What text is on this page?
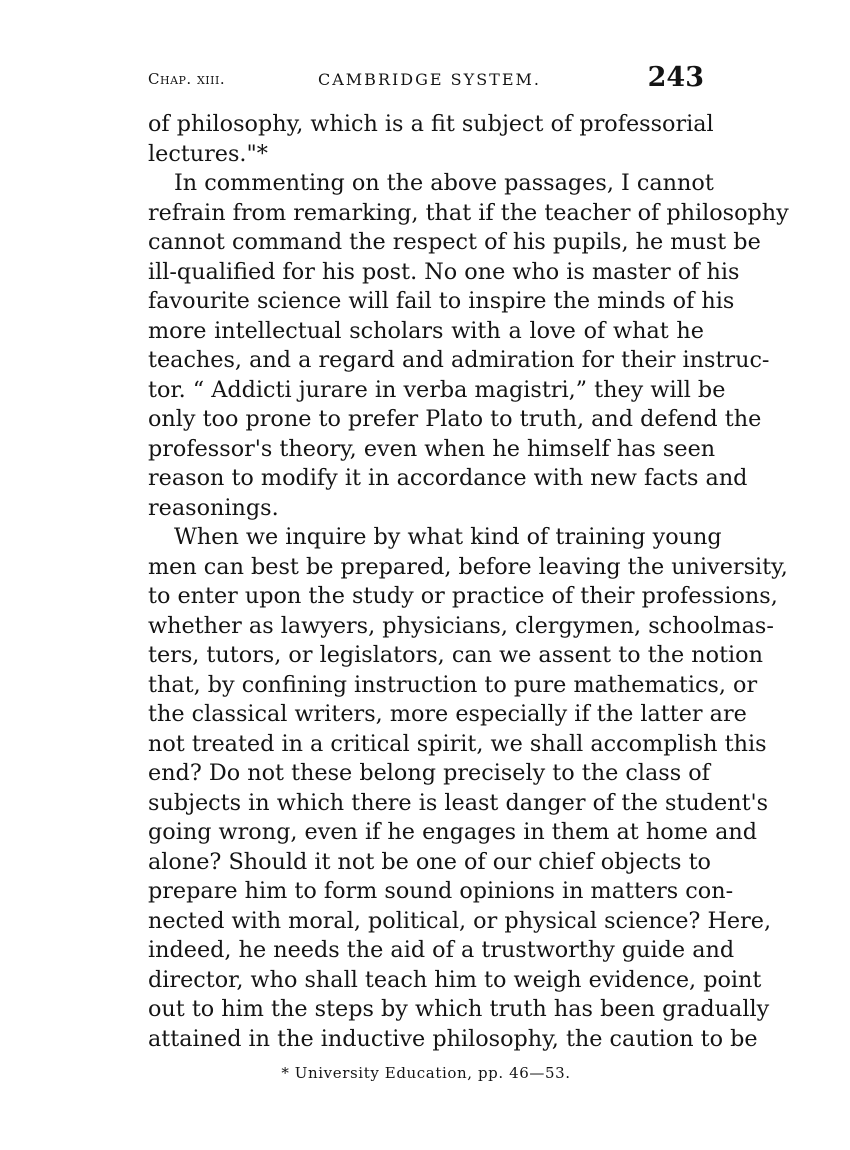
Chap. xiii.	CAMBRIDGE SYSTEM.	243
of philosophy, which is a fit subject of professorial
lectures."*
In commenting on the above passages, I cannot
refrain from remarking, that if the teacher of philosophy
cannot command the respect of his pupils, he must be
ill-qualified for his post. No one who is master of his
favourite science will fail to inspire the minds of his
more intellectual scholars with a love of what he
teaches, and a regard and admiration for their instruc-
tor. “ Addicti jurare in verba magistri,” they will be
only too prone to prefer Plato to truth, and defend the
professor's theory, even when he himself has seen
reason to modify it in accordance with new facts and
reasonings.
When we inquire by what kind of training young
men can best be prepared, before leaving the university,
to enter upon the study or practice of their professions,
whether as lawyers, physicians, clergymen, schoolmas-
ters, tutors, or legislators, can we assent to the notion
that, by confining instruction to pure mathematics, or
the classical writers, more especially if the latter are
not treated in a critical spirit, we shall accomplish this
end? Do not these belong precisely to the class of
subjects in which there is least danger of the student's
going wrong, even if he engages in them at home and
alone? Should it not be one of our chief objects to
prepare him to form sound opinions in matters con-
nected with moral, political, or physical science? Here,
indeed, he needs the aid of a trustworthy guide and
director, who shall teach him to weigh evidence, point
out to him the steps by which truth has been gradually
attained in the inductive philosophy, the caution to be
* University Education, pp. 46—53.
